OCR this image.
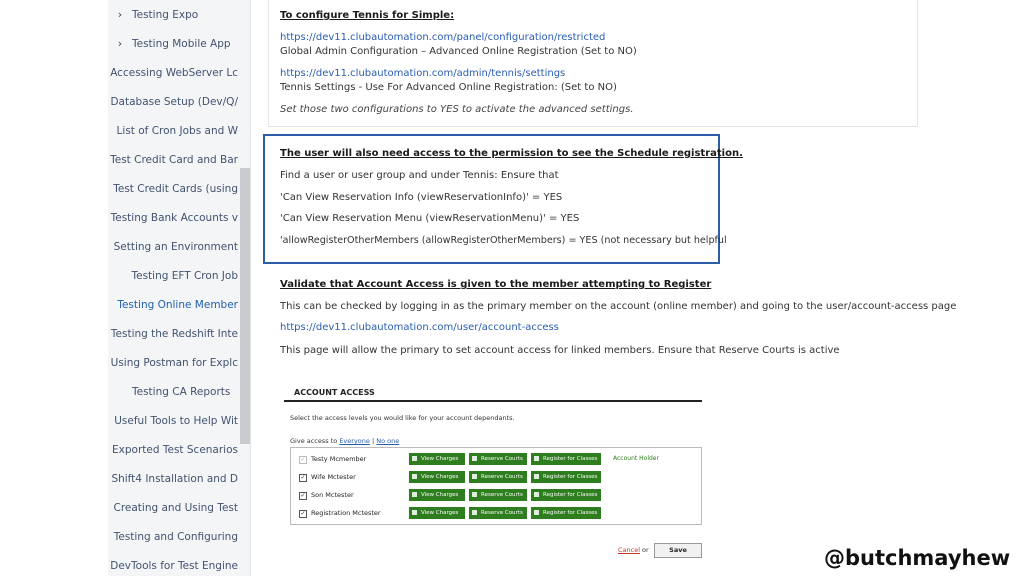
› Testing Expo
› Testing Mobile App
Accessing WebServer Lc
Database Setup (Dev/Q/
List of Cron Jobs and W
Test Credit Card and Bar
Test Credit Cards (using
Testing Bank Accounts v
Setting an Environment
Testing EFT Cron Job
Testing Online Member
Testing the Redshift Inte
Using Postman for Explc
Testing CA Reports
Useful Tools to Help Wit
Exported Test Scenarios
Shift4 Installation and D
Creating and Using Test
Testing and Configuring
DevTools for Test Engine
To configure Tennis for Simple:
https://dev11.clubautomation.com/panel/configuration/restricted
Global Admin Configuration – Advanced Online Registration (Set to NO)
https://dev11.clubautomation.com/admin/tennis/settings
Tennis Settings - Use For Advanced Online Registration: (Set to NO)
Set those two configurations to YES to activate the advanced settings.
The user will also need access to the permission to see the Schedule registration.
Find a user or user group and under Tennis: Ensure that
'Can View Reservation Info (viewReservationInfo)' = YES
'Can View Reservation Menu (viewReservationMenu)' = YES
'allowRegisterOtherMembers (allowRegisterOtherMembers) = YES (not necessary but helpful
Validate that Account Access is given to the member attempting to Register
This can be checked by logging in as the primary member on the account (online member) and going to the user/account-access page
https://dev11.clubautomation.com/user/account-access
This page will allow the primary to set account access for linked members. Ensure that Reserve Courts is active
ACCOUNT ACCESS
Select the access levels you would like for your account dependants.
Give access to Everyone | No one
✓ Testy Mcmember	View Charges	Reserve Courts	Register for Classes	Account Holder
✓ Wife Mctester	View Charges	Reserve Courts	Register for Classes
✓ Son Mctester	View Charges	Reserve Courts	Register for Classes
✓ Registration Mctester	View Charges	Reserve Courts	Register for Classes
Cancel or	Save	@butchmayhew
